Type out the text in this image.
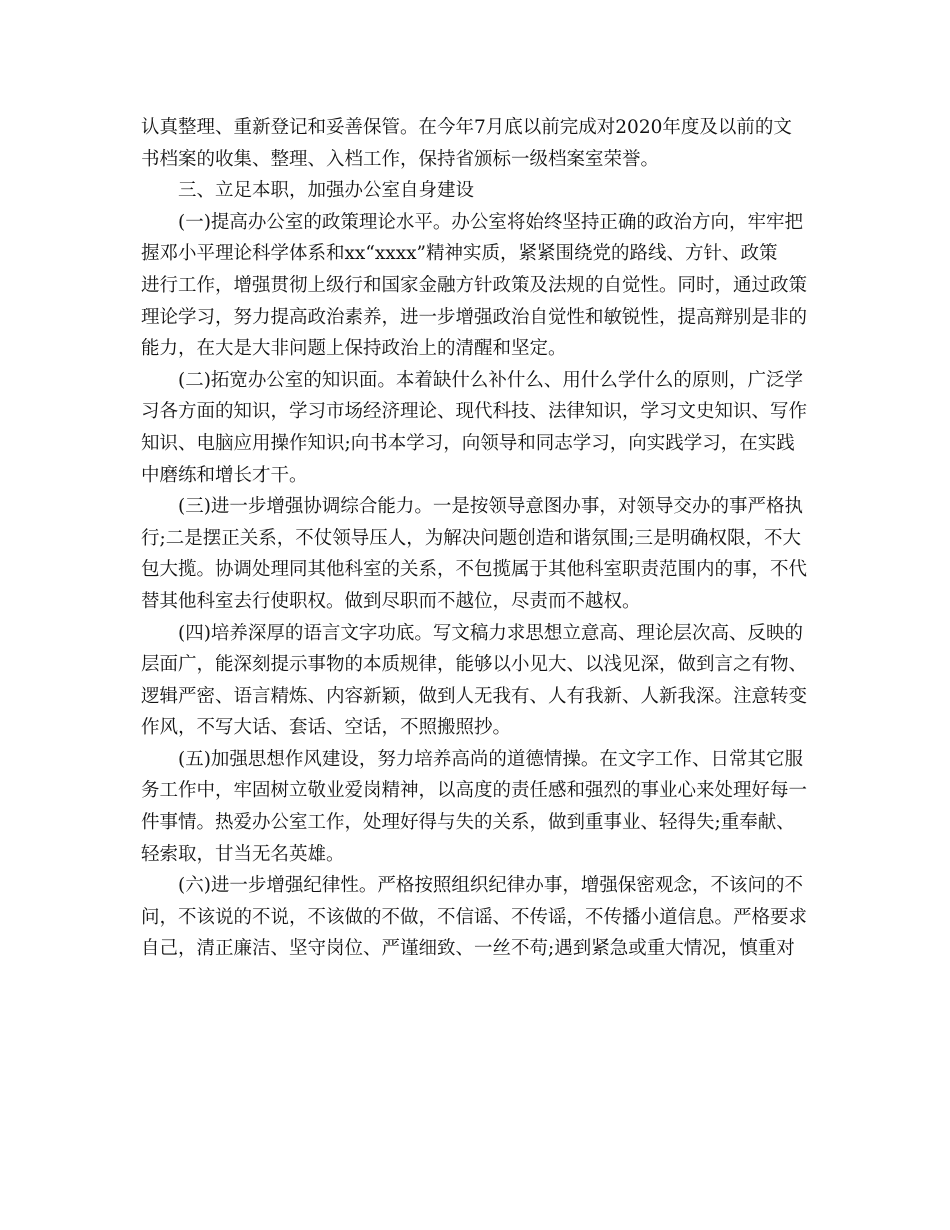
认真整理、重新登记和妥善保管。在今年7月底以前完成对2020年度及以前的文
书档案的收集、整理、入档工作，保持省颁标一级档案室荣誉。
三、立足本职，加强办公室自身建设
(一)提高办公室的政策理论水平。办公室将始终坚持正确的政治方向，牢牢把
握邓小平理论科学体系和xx“xxxx”精神实质，紧紧围绕党的路线、方针、政策
进行工作，增强贯彻上级行和国家金融方针政策及法规的自觉性。同时，通过政策
理论学习，努力提高政治素养，进一步增强政治自觉性和敏锐性，提高辩别是非的
能力，在大是大非问题上保持政治上的清醒和坚定。
(二)拓宽办公室的知识面。本着缺什么补什么、用什么学什么的原则，广泛学
习各方面的知识，学习市场经济理论、现代科技、法律知识，学习文史知识、写作
知识、电脑应用操作知识;向书本学习，向领导和同志学习，向实践学习，在实践
中磨练和增长才干。
(三)进一步增强协调综合能力。一是按领导意图办事，对领导交办的事严格执
行;二是摆正关系，不仗领导压人，为解决问题创造和谐氛围;三是明确权限，不大
包大揽。协调处理同其他科室的关系，不包揽属于其他科室职责范围内的事，不代
替其他科室去行使职权。做到尽职而不越位，尽责而不越权。
(四)培养深厚的语言文字功底。写文稿力求思想立意高、理论层次高、反映的
层面广，能深刻提示事物的本质规律，能够以小见大、以浅见深，做到言之有物、
逻辑严密、语言精炼、内容新颖，做到人无我有、人有我新、人新我深。注意转变
作风，不写大话、套话、空话，不照搬照抄。
(五)加强思想作风建设，努力培养高尚的道德情操。在文字工作、日常其它服
务工作中，牢固树立敬业爱岗精神，以高度的责任感和强烈的事业心来处理好每一
件事情。热爱办公室工作，处理好得与失的关系，做到重事业、轻得失;重奉献、
轻索取，甘当无名英雄。
(六)进一步增强纪律性。严格按照组织纪律办事，增强保密观念，不该问的不
问，不该说的不说，不该做的不做，不信谣、不传谣，不传播小道信息。严格要求
自己，清正廉洁、坚守岗位、严谨细致、一丝不苟;遇到紧急或重大情况，慎重对
